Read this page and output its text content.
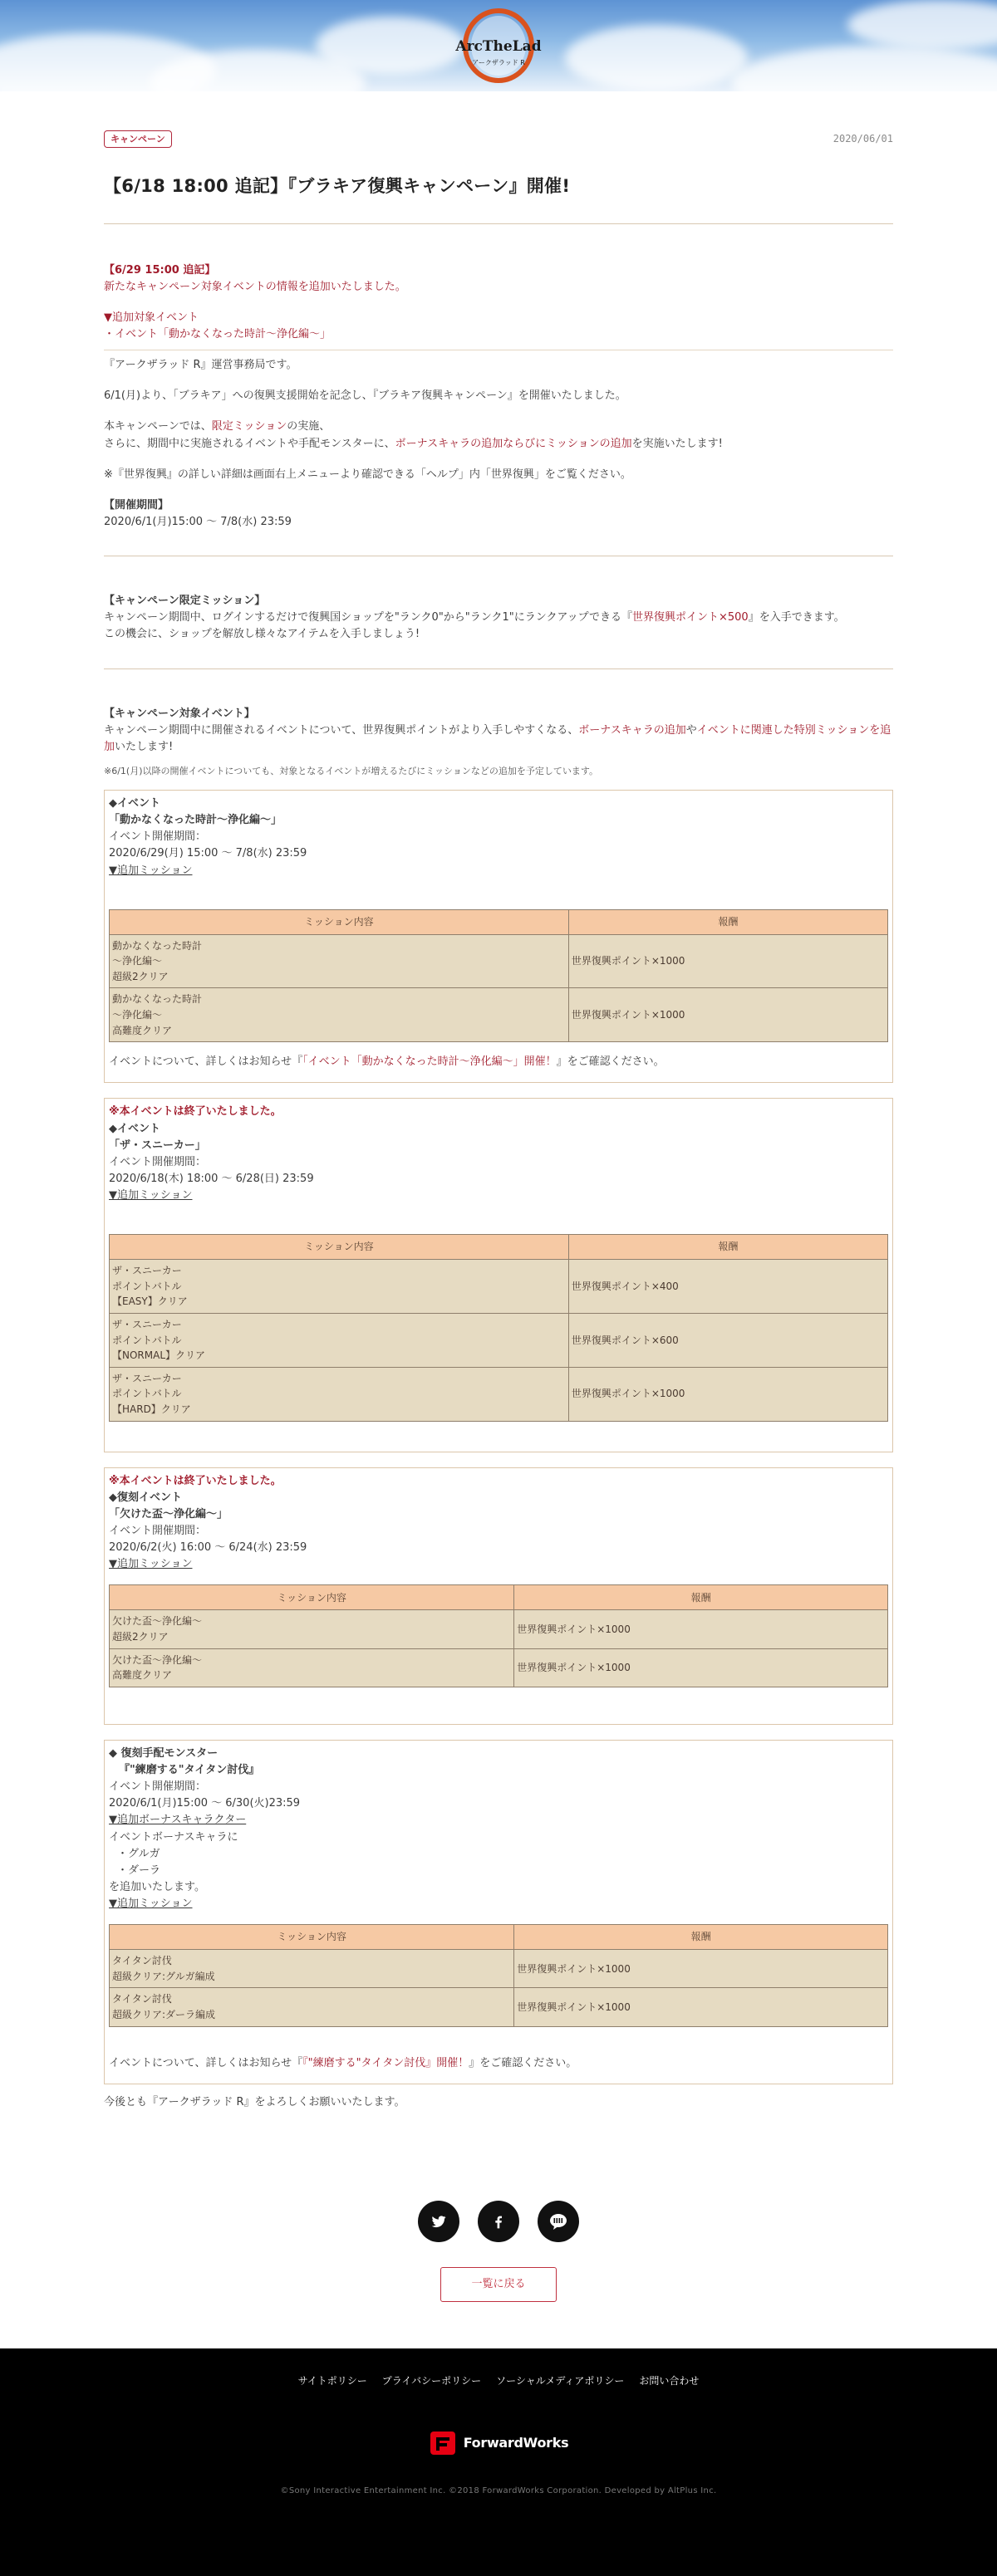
ArcTheLad
アークザラッド R
キャンペーン	2020/06/01
【6/18 18:00 追記】『ブラキア復興キャンペーン』開催!

【6/29 15:00 追記】

新たなキャンペーン対象イベントの情報を追加いたしました。

▼追加対象イベント

・イベント「動かなくなった時計〜浄化編〜」

『アークザラッド R』運営事務局です。

6/1(月)より、「ブラキア」への復興支援開始を記念し、『ブラキア復興キャンペーン』を開催いたしました。

本キャンペーンでは、限定ミッションの実施、

さらに、期間中に実施されるイベントや手配モンスターに、ボーナスキャラの追加ならびにミッションの追加を実施いたします!

※『世界復興』の詳しい詳細は画面右上メニューより確認できる「ヘルプ」内「世界復興」をご覧ください。

【開催期間】

2020/6/1(月)15:00 〜 7/8(水) 23:59

【キャンペーン限定ミッション】

キャンペーン期間中、ログインするだけで復興国ショップを"ランク0"から"ランク1"にランクアップできる『世界復興ポイント×500』を入手できます。

この機会に、ショップを解放し様々なアイテムを入手しましょう!

【キャンペーン対象イベント】

キャンペーン期間中に開催されるイベントについて、世界復興ポイントがより入手しやすくなる、ボーナスキャラの追加やイベントに関連した特別ミッションを追加いたします!

※6/1(月)以降の開催イベントについても、対象となるイベントが増えるたびにミッションなどの追加を予定しています。

◆イベント

「動かなくなった時計〜浄化編〜」

イベント開催期間：

2020/6/29(月) 15:00 〜 7/8(水) 23:59

▼追加ミッション

ミッション内容	報酬
動かなくなった時計
〜浄化編〜
超級2クリア	世界復興ポイント×1000
動かなくなった時計
〜浄化編〜
高難度クリア	世界復興ポイント×1000

イベントについて、詳しくはお知らせ『「イベント「動かなくなった時計〜浄化編〜」開催！』をご確認ください。

※本イベントは終了いたしました。

◆イベント

「ザ・スニーカー」

イベント開催期間：

2020/6/18(木) 18:00 〜 6/28(日) 23:59

▼追加ミッション

ミッション内容	報酬
ザ・スニーカー
ポイントバトル
【EASY】クリア	世界復興ポイント×400
ザ・スニーカー
ポイントバトル
【NORMAL】クリア	世界復興ポイント×600
ザ・スニーカー
ポイントバトル
【HARD】クリア	世界復興ポイント×1000

※本イベントは終了いたしました。

◆復刻イベント

「欠けた盃〜浄化編〜」

イベント開催期間：

2020/6/2(火) 16:00 〜 6/24(水) 23:59

▼追加ミッション

ミッション内容	報酬
欠けた盃〜浄化編〜
超級2クリア	世界復興ポイント×1000
欠けた盃〜浄化編〜
高難度クリア	世界復興ポイント×1000

◆ 復刻手配モンスター

『"練磨する"タイタン討伐』

イベント開催期間：

2020/6/1(月)15:00 〜 6/30(火)23:59

▼追加ボーナスキャラクター

イベントボーナスキャラに

・グルガ

・ダーラ

を追加いたします。

▼追加ミッション

ミッション内容	報酬
タイタン討伐
超級クリア:グルガ編成	世界復興ポイント×1000
タイタン討伐
超級クリア:ダーラ編成	世界復興ポイント×1000

イベントについて、詳しくはお知らせ『『"練磨する"タイタン討伐』開催！』をご確認ください。

今後とも『アークザラッド R』をよろしくお願いいたします。

一覧に戻る
サイトポリシー プライバシーポリシー ソーシャルメディアポリシー お問い合わせ
ForwardWorks

©Sony Interactive Entertainment Inc. ©2018 ForwardWorks Corporation. Developed by AltPlus Inc.
